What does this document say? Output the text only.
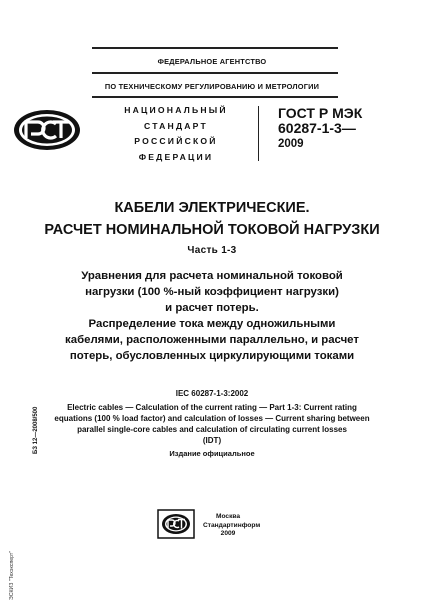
ФЕДЕРАЛЬНОЕ АГЕНТСТВО
ПО ТЕХНИЧЕСКОМУ РЕГУЛИРОВАНИЮ И МЕТРОЛОГИИ
НАЦИОНАЛЬНЫЙ
СТАНДАРТ
РОССИЙСКОЙ
ФЕДЕРАЦИИ
ГОСТ Р МЭК
60287-1-3—
2009
КАБЕЛИ ЭЛЕКТРИЧЕСКИЕ.
РАСЧЕТ НОМИНАЛЬНОЙ ТОКОВОЙ НАГРУЗКИ
Часть 1-3
Уравнения для расчета номинальной токовой
нагрузки (100 %-ный коэффициент нагрузки)
и расчет потерь.
Распределение тока между одножильными
кабелями, расположенными параллельно, и расчет
потерь, обусловленных циркулирующими токами
IEC 60287-1-3:2002
Electric cables — Calculation of the current rating — Part 1-3: Current rating
equations (100 % load factor) and calculation of losses — Current sharing between
parallel single-core cables and calculation of circulating current losses
(IDT)
Издание официальное
Москва
Стандартинформ
2009
БЗ 12—2008/500
ЭСКИЗ "Техэксперт"
